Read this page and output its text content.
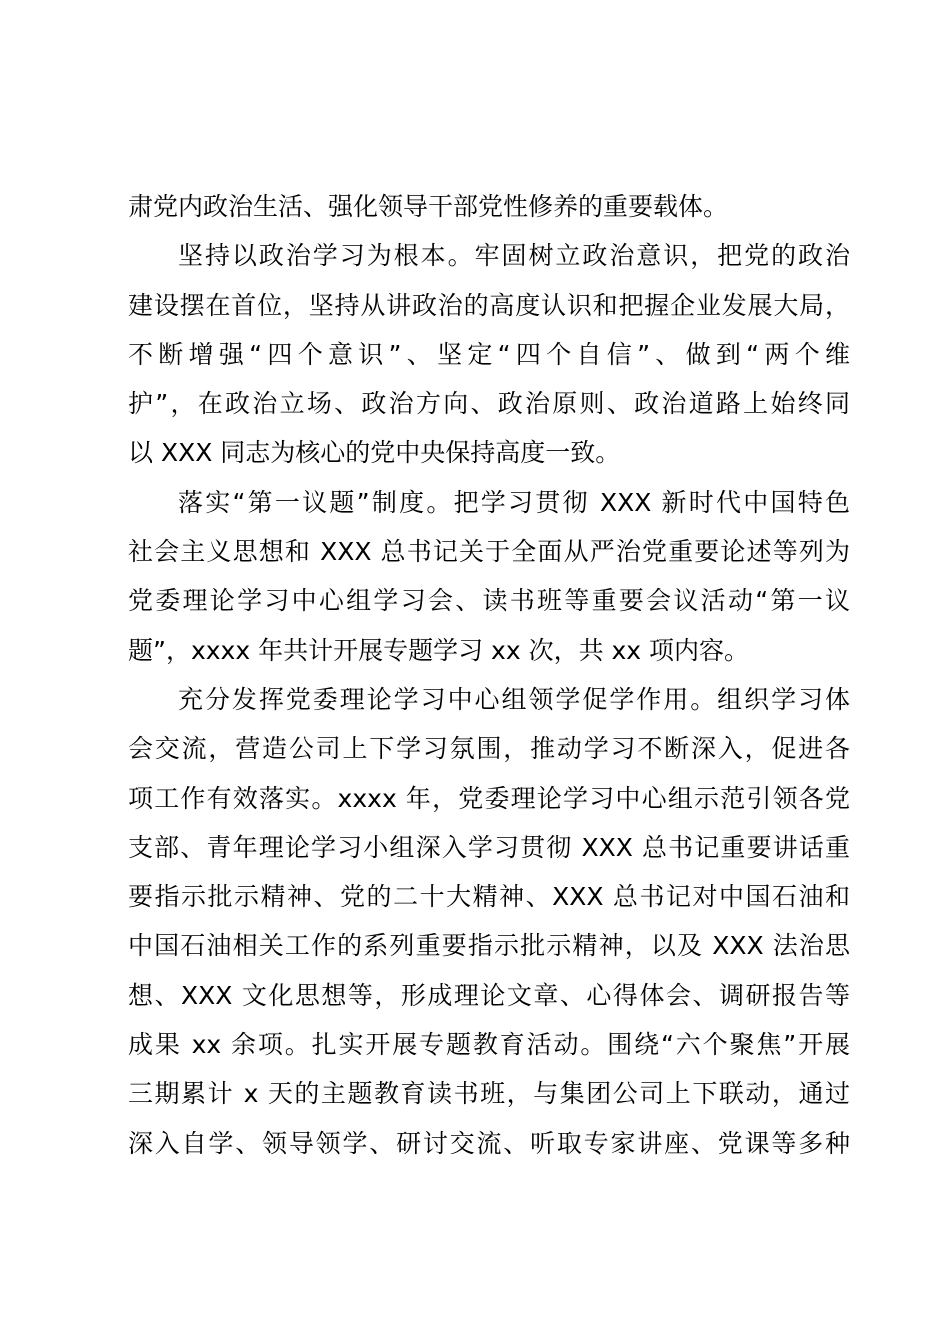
肃党内政治生活、强化领导干部党性修养的重要载体。
坚持以政治学习为根本。牢固树立政治意识，把党的政治
建设摆在首位，坚持从讲政治的高度认识和把握企业发展大局，
不断增强“四个意识”、坚定“四个自信”、做到“两个维
护”，在政治立场、政治方向、政治原则、政治道路上始终同
以 XXX 同志为核心的党中央保持高度一致。
落实“第一议题”制度。把学习贯彻 XXX 新时代中国特色
社会主义思想和 XXX 总书记关于全面从严治党重要论述等列为
党委理论学习中心组学习会、读书班等重要会议活动“第一议
题”，xxxx 年共计开展专题学习 xx 次，共 xx 项内容。
充分发挥党委理论学习中心组领学促学作用。组织学习体
会交流，营造公司上下学习氛围，推动学习不断深入，促进各
项工作有效落实。xxxx 年，党委理论学习中心组示范引领各党
支部、青年理论学习小组深入学习贯彻 XXX 总书记重要讲话重
要指示批示精神、党的二十大精神、XXX 总书记对中国石油和
中国石油相关工作的系列重要指示批示精神，以及 XXX 法治思
想、XXX 文化思想等，形成理论文章、心得体会、调研报告等
成果 xx 余项。扎实开展专题教育活动。围绕“六个聚焦”开展
三期累计 x 天的主题教育读书班，与集团公司上下联动，通过
深入自学、领导领学、研讨交流、听取专家讲座、党课等多种
